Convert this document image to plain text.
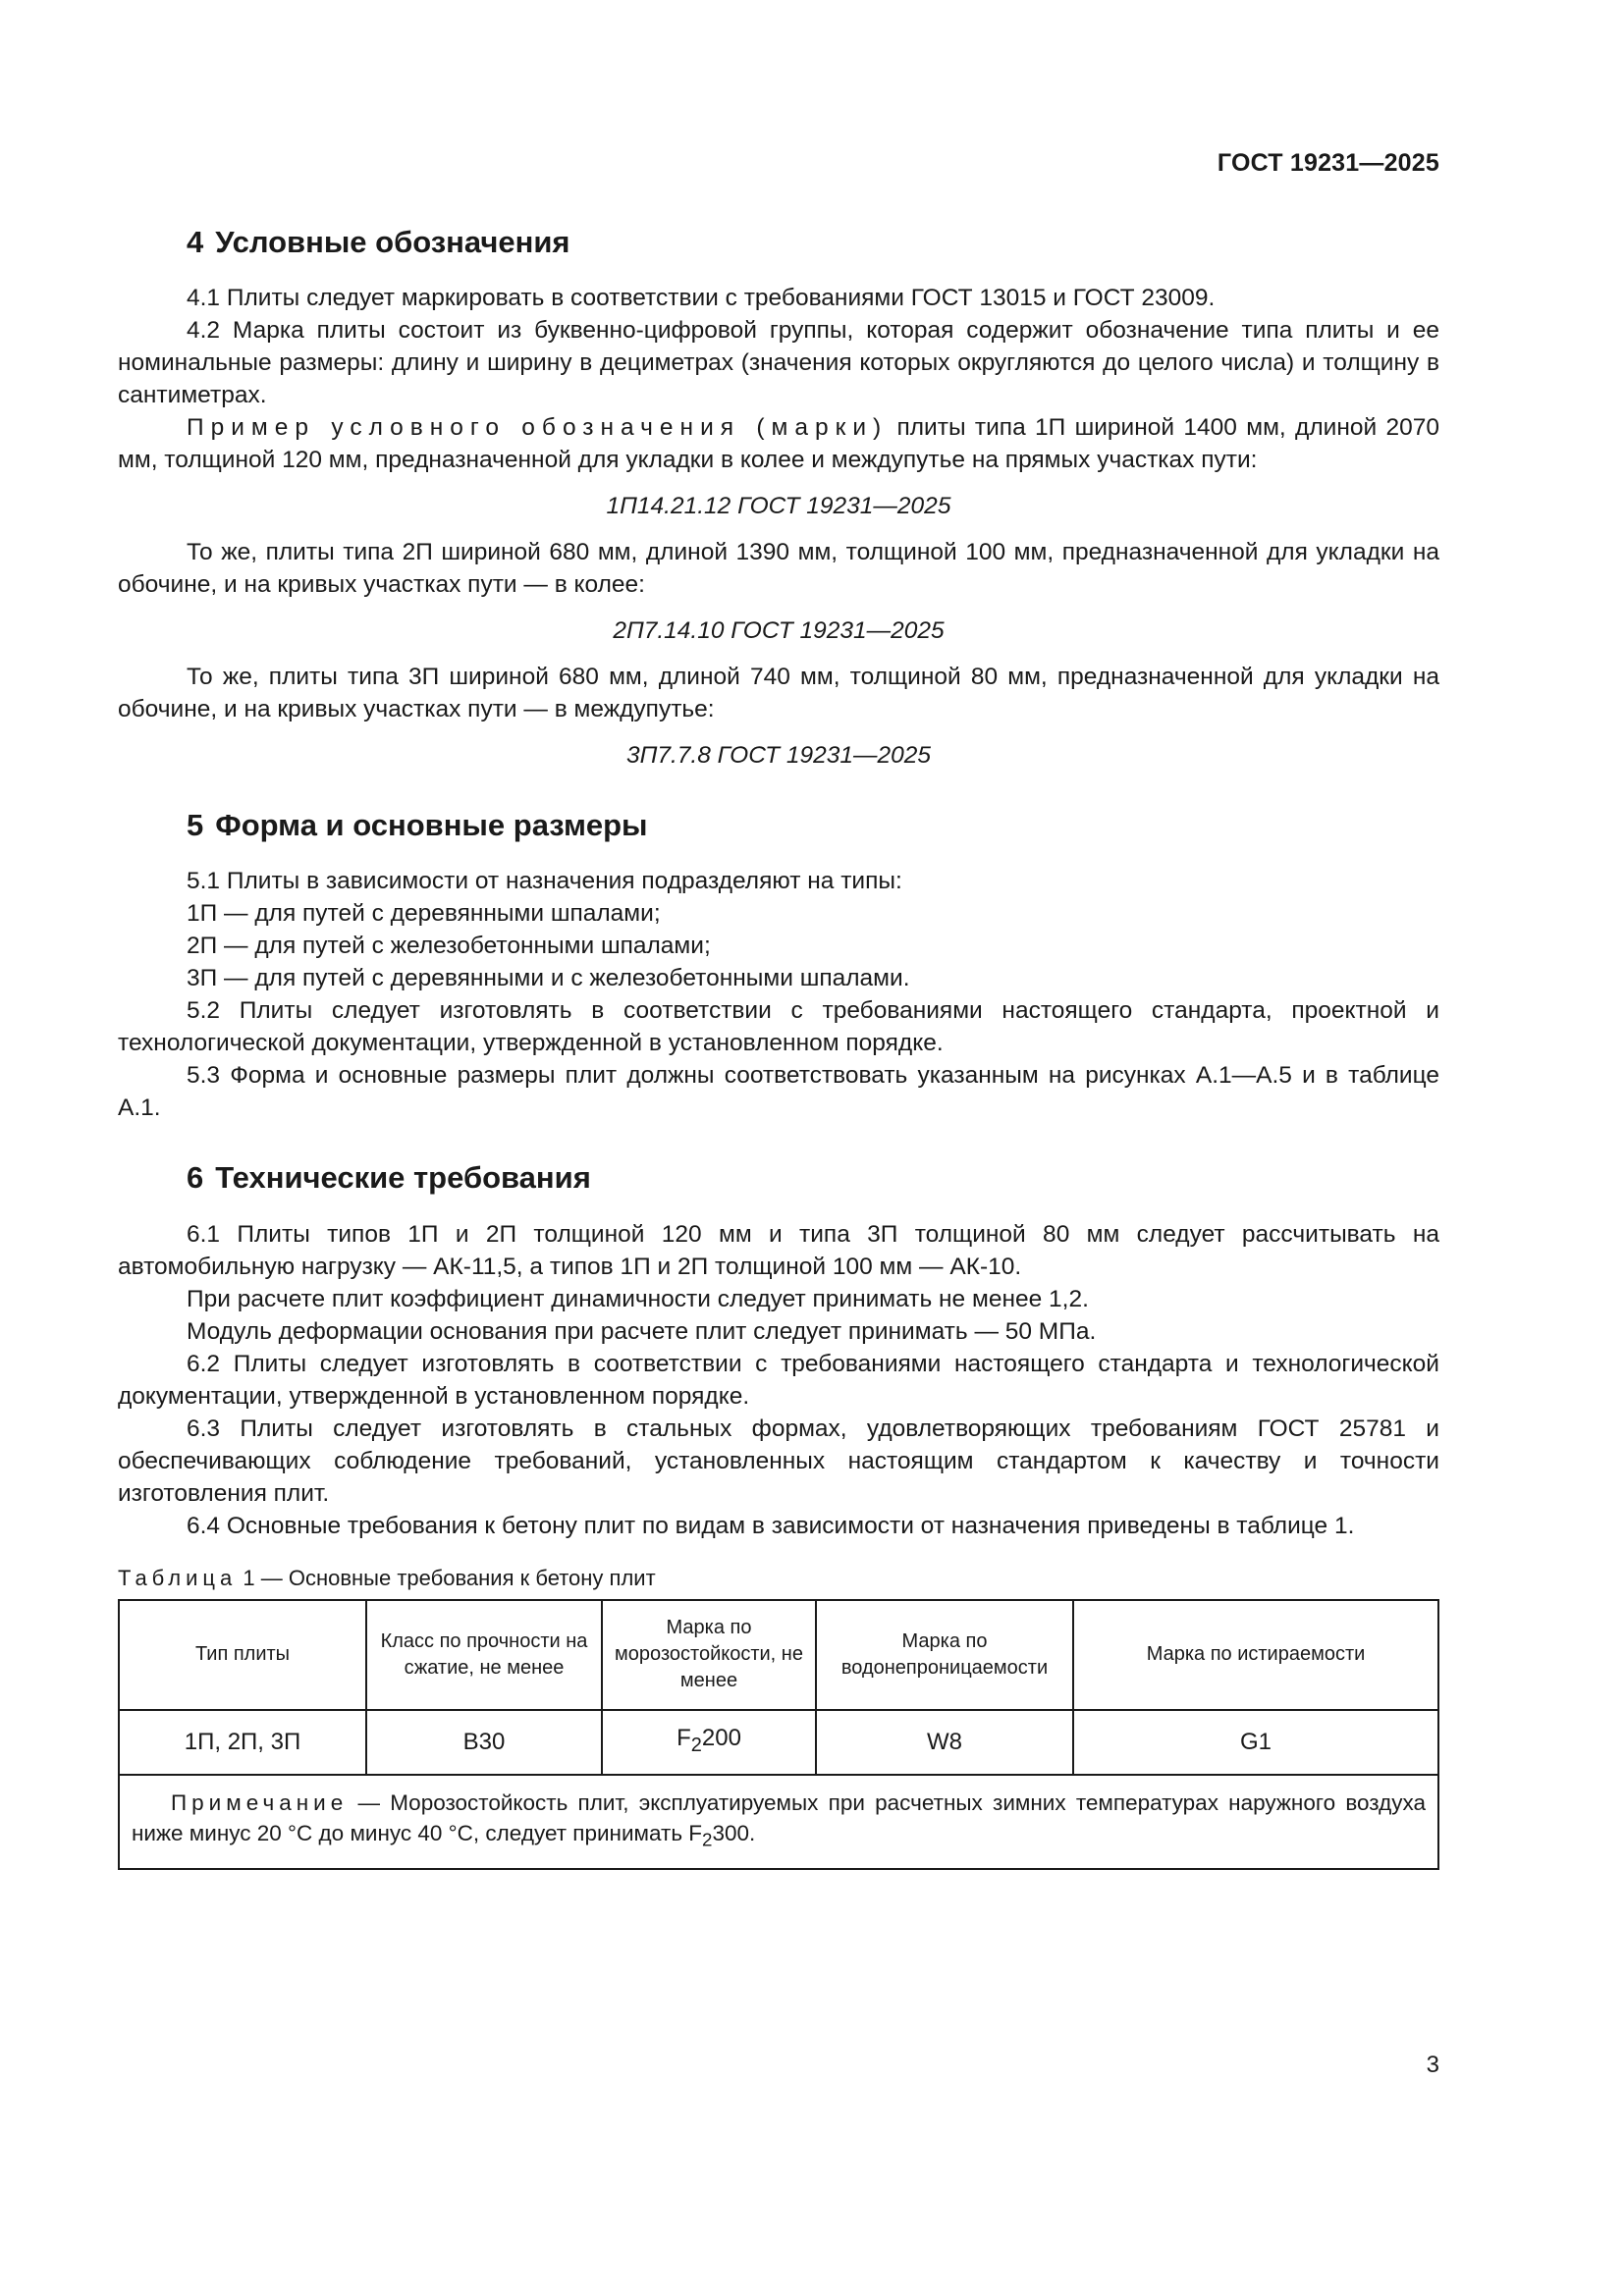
ГОСТ 19231—2025
4 Условные обозначения

4.1 Плиты следует маркировать в соответствии с требованиями ГОСТ 13015 и ГОСТ 23009.

4.2 Марка плиты состоит из буквенно-цифровой группы, которая содержит обозначение типа плиты и ее номинальные размеры: длину и ширину в дециметрах (значения которых округляются до целого числа) и толщину в сантиметрах.

Пример условного обозначения (марки) плиты типа 1П шириной 1400 мм, длиной 2070 мм, толщиной 120 мм, предназначенной для укладки в колее и междупутье на прямых участках пути:

1П14.21.12 ГОСТ 19231—2025

То же, плиты типа 2П шириной 680 мм, длиной 1390 мм, толщиной 100 мм, предназначенной для укладки на обочине, и на кривых участках пути — в колее:

2П7.14.10 ГОСТ 19231—2025

То же, плиты типа 3П шириной 680 мм, длиной 740 мм, толщиной 80 мм, предназначенной для укладки на обочине, и на кривых участках пути — в междупутье:

3П7.7.8 ГОСТ 19231—2025
5 Форма и основные размеры

5.1 Плиты в зависимости от назначения подразделяют на типы:

1П — для путей с деревянными шпалами;

2П — для путей с железобетонными шпалами;

3П — для путей с деревянными и с железобетонными шпалами.

5.2 Плиты следует изготовлять в соответствии с требованиями настоящего стандарта, проектной и технологической документации, утвержденной в установленном порядке.

5.3 Форма и основные размеры плит должны соответствовать указанным на рисунках А.1—А.5 и в таблице А.1.

6 Технические требования

6.1 Плиты типов 1П и 2П толщиной 120 мм и типа 3П толщиной 80 мм следует рассчитывать на автомобильную нагрузку — АК-11,5, а типов 1П и 2П толщиной 100 мм — АК-10.

При расчете плит коэффициент динамичности следует принимать не менее 1,2.

Модуль деформации основания при расчете плит следует принимать — 50 МПа.

6.2 Плиты следует изготовлять в соответствии с требованиями настоящего стандарта и технологической документации, утвержденной в установленном порядке.

6.3 Плиты следует изготовлять в стальных формах, удовлетворяющих требованиям ГОСТ 25781 и обеспечивающих соблюдение требований, установленных настоящим стандартом к качеству и точности изготовления плит.

6.4 Основные требования к бетону плит по видам в зависимости от назначения приведены в таблице 1.

Таблица 1 — Основные требования к бетону плит
Тип плиты	Класс по прочности на сжатие, не менее	Марка по морозостойкости, не менее	Марка по водонепроницаемости	Марка по истираемости
1П, 2П, 3П	В30	$F_2200$	W8	G1
Примечание — Морозостойкость плит, эксплуатируемых при расчетных зимних температурах наружного воздуха ниже минус 20 °С до минус 40 °С, следует принимать $F_2300$.				
3
